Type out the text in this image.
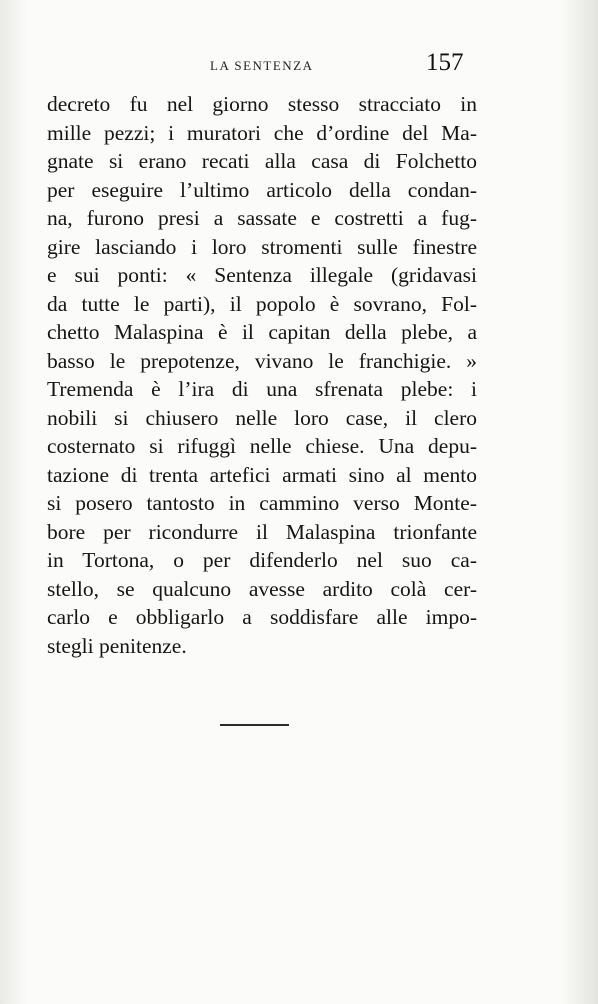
LA SENTENZA	157
decreto fu nel giorno stesso stracciato in
mille pezzi; i muratori che d’ordine del Ma-
gnate si erano recati alla casa di Folchetto
per eseguire l’ultimo articolo della condan-
na, furono presi a sassate e costretti a fug-
gire lasciando i loro stromenti sulle finestre
e sui ponti: « Sentenza illegale (gridavasi
da tutte le parti), il popolo è sovrano, Fol-
chetto Malaspina è il capitan della plebe, a
basso le prepotenze, vivano le franchigie. »
Tremenda è l’ira di una sfrenata plebe: i
nobili si chiusero nelle loro case, il clero
costernato si rifuggì nelle chiese. Una depu-
tazione di trenta artefici armati sino al mento
si posero tantosto in cammino verso Monte-
bore per ricondurre il Malaspina trionfante
in Tortona, o per difenderlo nel suo ca-
stello, se qualcuno avesse ardito colà cer-
carlo e obbligarlo a soddisfare alle impo-
stegli penitenze.
